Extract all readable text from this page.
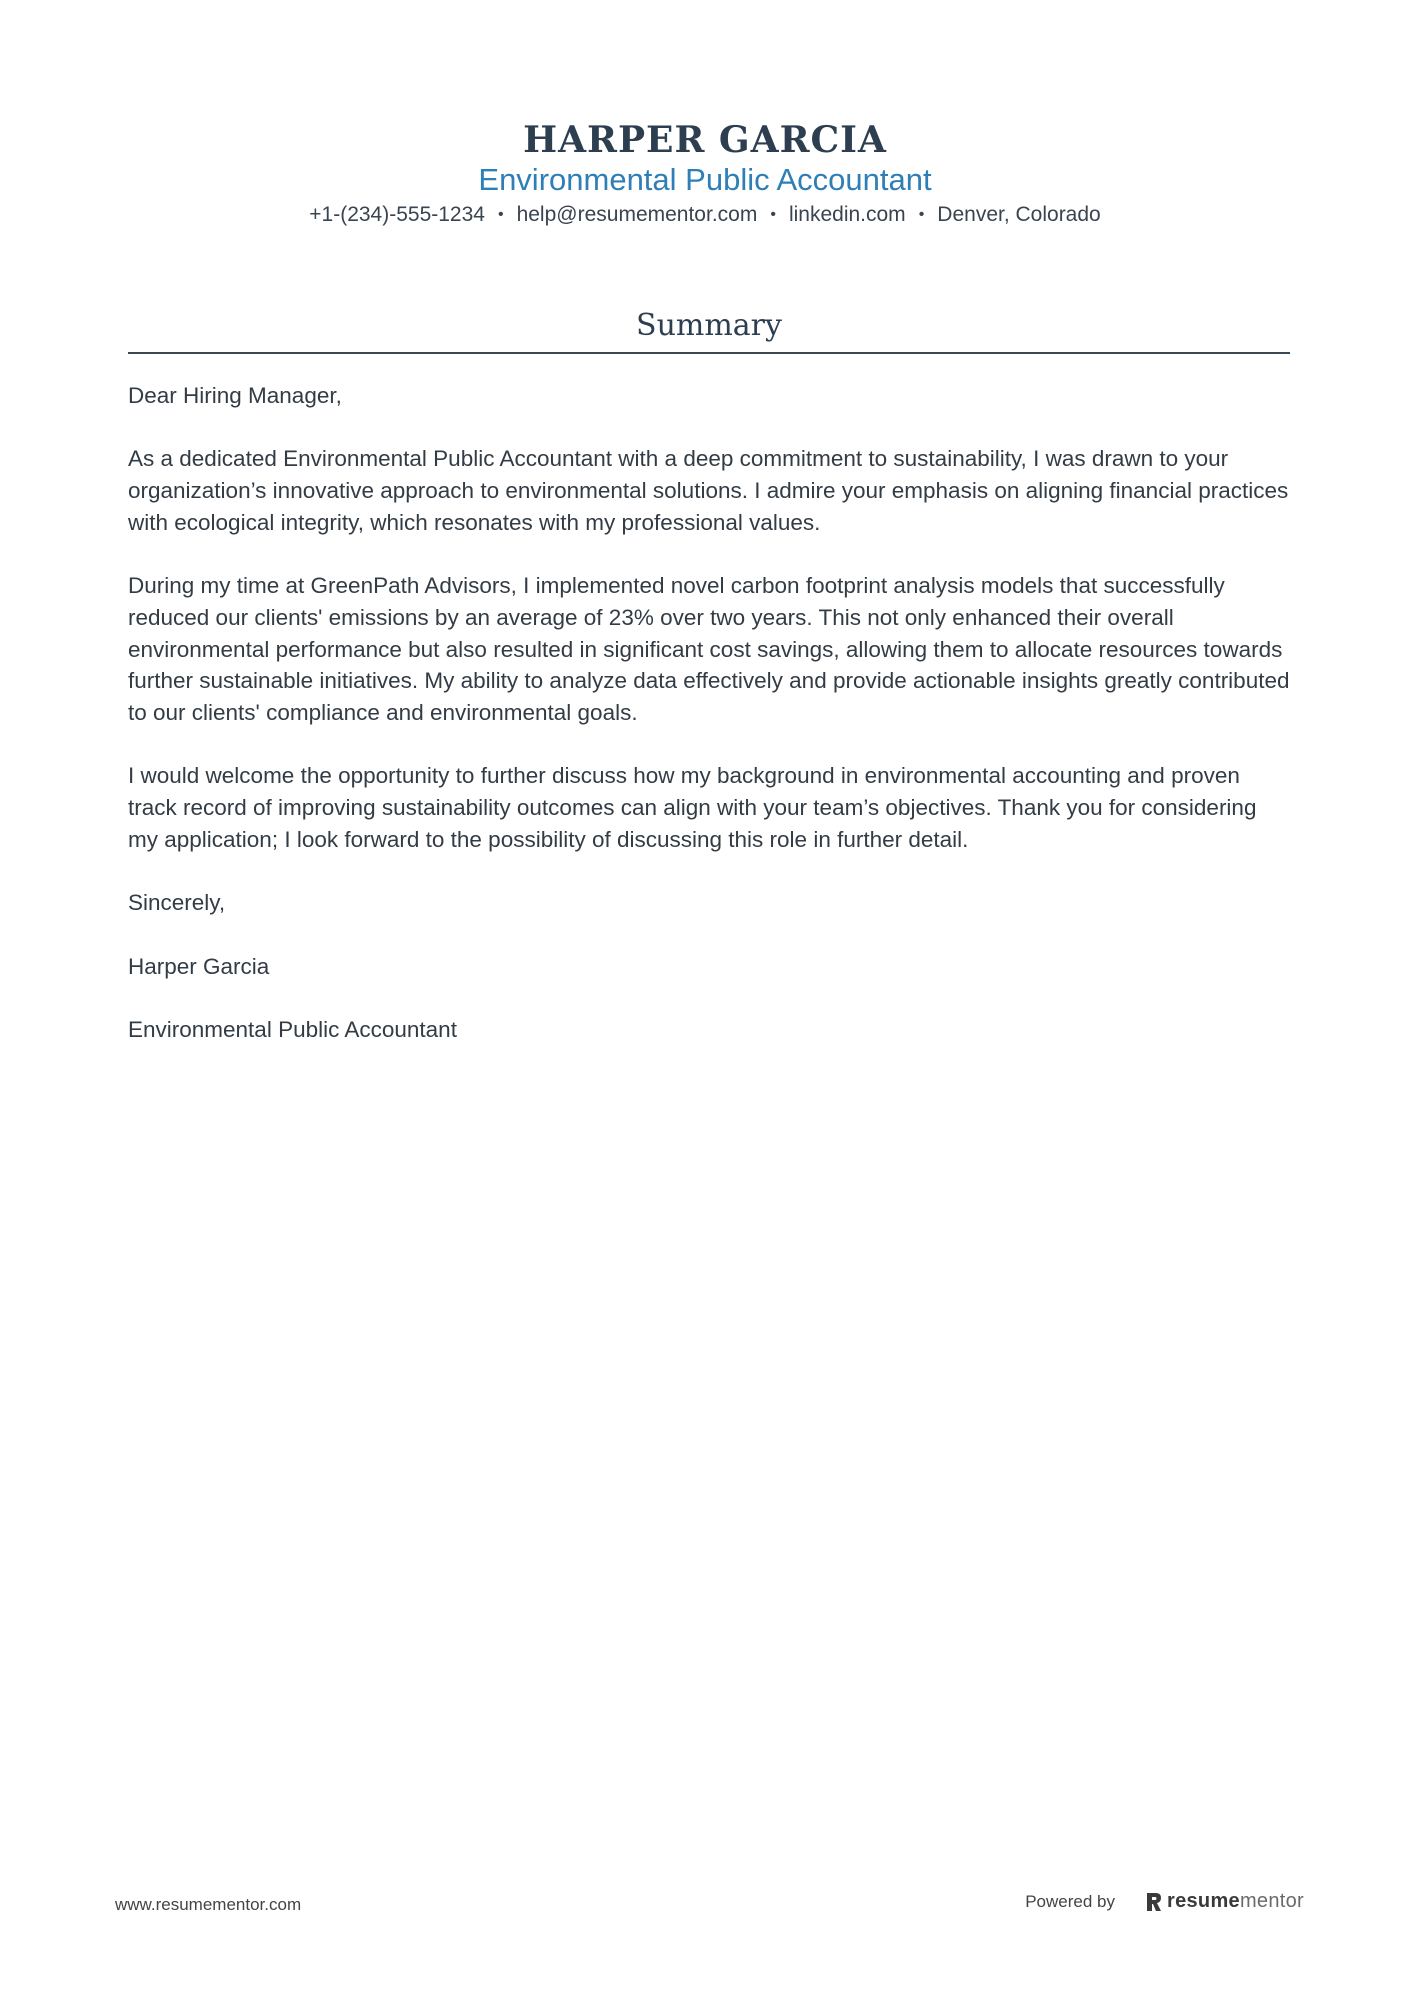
HARPER GARCIA
Environmental Public Accountant
+1-(234)-555-1234 • help@resumementor.com • linkedin.com • Denver, Colorado
Summary

Dear Hiring Manager,

As a dedicated Environmental Public Accountant with a deep commitment to sustainability, I was drawn to your organization’s innovative approach to environmental solutions. I admire your emphasis on aligning financial practices with ecological integrity, which resonates with my professional values.

During my time at GreenPath Advisors, I implemented novel carbon footprint analysis models that successfully reduced our clients' emissions by an average of 23% over two years. This not only enhanced their overall environmental performance but also resulted in significant cost savings, allowing them to allocate resources towards further sustainable initiatives. My ability to analyze data effectively and provide actionable insights greatly contributed to our clients' compliance and environmental goals.

I would welcome the opportunity to further discuss how my background in environmental accounting and proven track record of improving sustainability outcomes can align with your team’s objectives. Thank you for considering my application; I look forward to the possibility of discussing this role in further detail.

Sincerely,

Harper Garcia

Environmental Public Accountant

www.resumementor.com	Powered by	resume mentor
